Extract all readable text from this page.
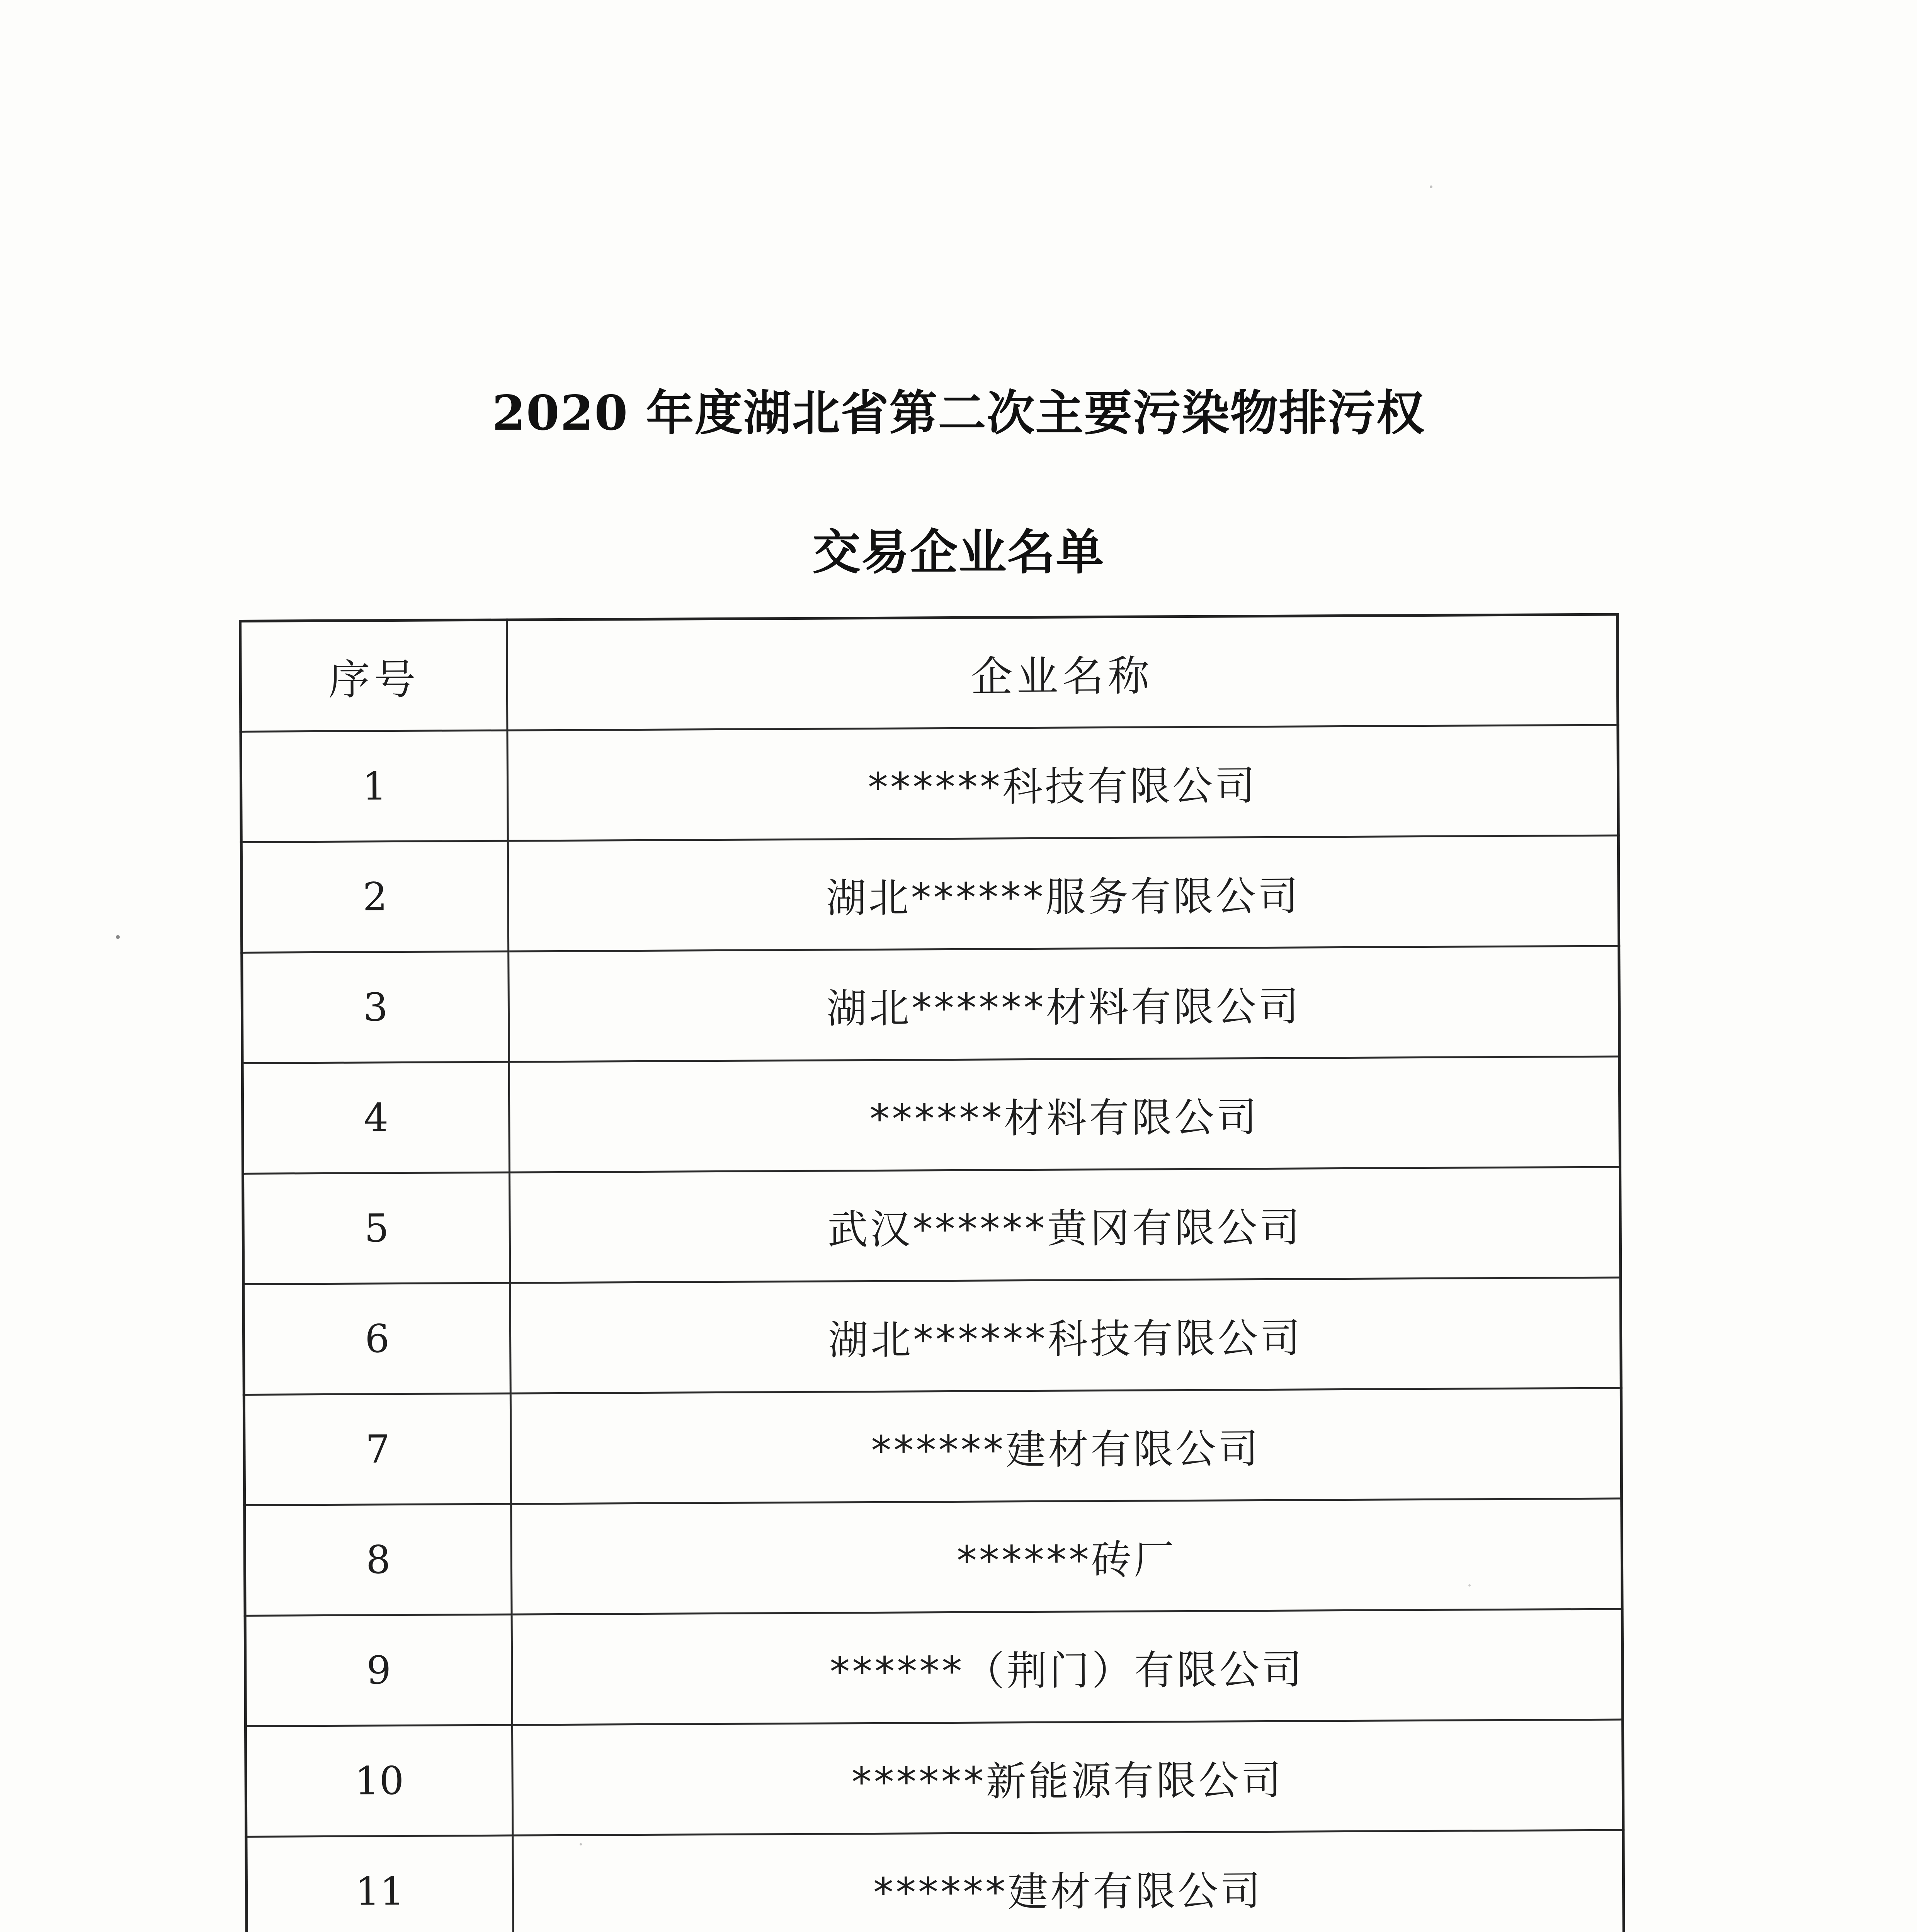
2020 年度湖北省第二次主要污染物排污权
交易企业名单
序号	企业名称
1	******科技有限公司
2	湖北******服务有限公司
3	湖北******材料有限公司
4	******材料有限公司
5	武汉******黄冈有限公司
6	湖北******科技有限公司
7	******建材有限公司
8	******砖厂
9	******（荆门）有限公司
10	******新能源有限公司
11	******建材有限公司
